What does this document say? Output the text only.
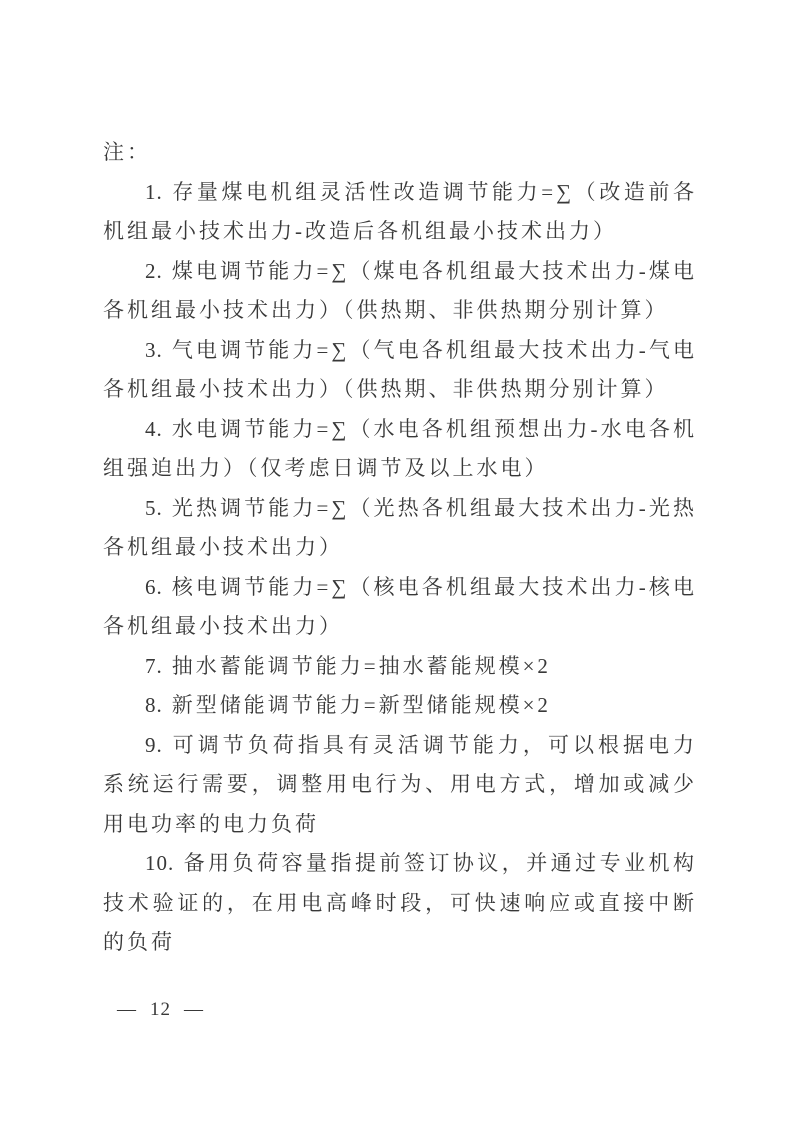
注：

1. 存量煤电机组灵活性改造调节能力=∑（改造前各机组最小技术出力-改造后各机组最小技术出力）

2. 煤电调节能力=∑（煤电各机组最大技术出力-煤电各机组最小技术出力）（供热期、非供热期分别计算）

3. 气电调节能力=∑（气电各机组最大技术出力-气电各机组最小技术出力）（供热期、非供热期分别计算）

4. 水电调节能力=∑（水电各机组预想出力-水电各机组强迫出力）（仅考虑日调节及以上水电）

5. 光热调节能力=∑（光热各机组最大技术出力-光热各机组最小技术出力）

6. 核电调节能力=∑（核电各机组最大技术出力-核电各机组最小技术出力）

7. 抽水蓄能调节能力=抽水蓄能规模×2

8. 新型储能调节能力=新型储能规模×2

9. 可调节负荷指具有灵活调节能力，可以根据电力系统运行需要，调整用电行为、用电方式，增加或减少用电功率的电力负荷

10. 备用负荷容量指提前签订协议，并通过专业机构技术验证的，在用电高峰时段，可快速响应或直接中断的负荷

— 12 —
